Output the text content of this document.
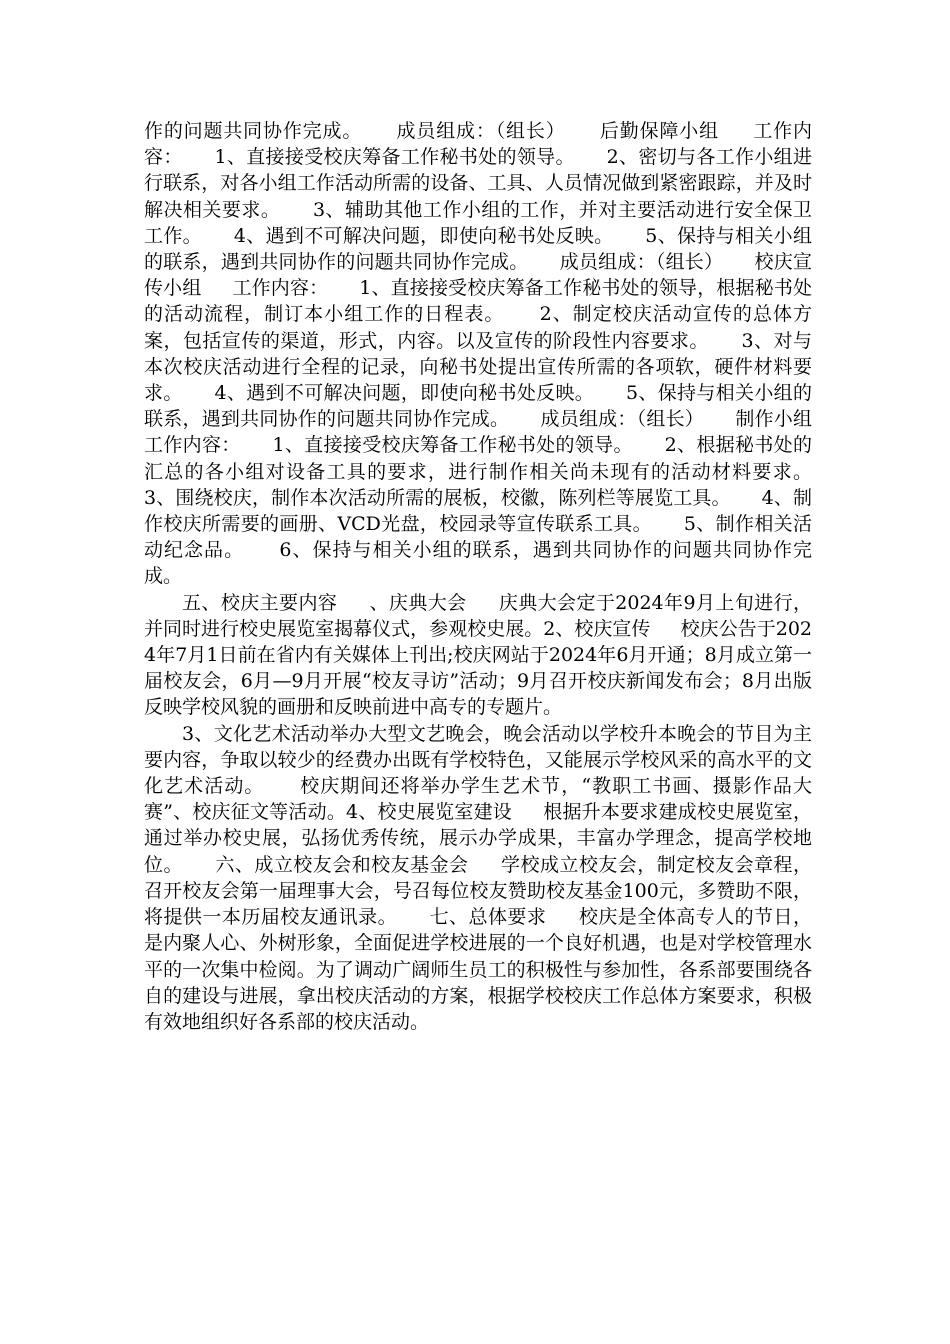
作的问题共同协作完成。     成员组成：（组长）     后勤保障小组     工作内容：     1、直接接受校庆筹备工作秘书处的领导。     2、密切与各工作小组进行联系，对各小组工作活动所需的设备、工具、人员情况做到紧密跟踪，并及时解决相关要求。     3、辅助其他工作小组的工作，并对主要活动进行安全保卫工作。     4、遇到不可解决问题，即使向秘书处反映。     5、保持与相关小组的联系，遇到共同协作的问题共同协作完成。     成员组成：（组长）     校庆宣传小组     工作内容：     1、直接接受校庆筹备工作秘书处的领导，根据秘书处的活动流程，制订本小组工作的日程表。     2、制定校庆活动宣传的总体方案，包括宣传的渠道，形式，内容。以及宣传的阶段性内容要求。     3、对与本次校庆活动进行全程的记录，向秘书处提出宣传所需的各项软，硬件材料要求。     4、遇到不可解决问题，即使向秘书处反映。     5、保持与相关小组的联系，遇到共同协作的问题共同协作完成。     成员组成：（组长）     制作小组     工作内容：     1、直接接受校庆筹备工作秘书处的领导。     2、根据秘书处的汇总的各小组对设备工具的要求，进行制作相关尚未现有的活动材料要求。     3、围绕校庆，制作本次活动所需的展板，校徽，陈列栏等展览工具。     4、制作校庆所需要的画册、VCD光盘，校园录等宣传联系工具。     5、制作相关活动纪念品。     6、保持与相关小组的联系，遇到共同协作的问题共同协作完成。

五、校庆主要内容     、庆典大会     庆典大会定于2024年9月上旬进行，并同时进行校史展览室揭幕仪式，参观校史展。2、校庆宣传     校庆公告于2024年7月1日前在省内有关媒体上刊出;校庆网站于2024年6月开通；8月成立第一届校友会，6月—9月开展“校友寻访”活动；9月召开校庆新闻发布会；8月出版反映学校风貌的画册和反映前进中高专的专题片。

3、文化艺术活动举办大型文艺晚会，晚会活动以学校升本晚会的节目为主要内容，争取以较少的经费办出既有学校特色，又能展示学校风采的高水平的文化艺术活动。     校庆期间还将举办学生艺术节，“教职工书画、摄影作品大赛”、校庆征文等活动。4、校史展览室建设     根据升本要求建成校史展览室，通过举办校史展，弘扬优秀传统，展示办学成果，丰富办学理念，提高学校地位。     六、成立校友会和校友基金会     学校成立校友会，制定校友会章程，召开校友会第一届理事大会，号召每位校友赞助校友基金100元，多赞助不限，将提供一本历届校友通讯录。     七、总体要求     校庆是全体高专人的节日，是内聚人心、外树形象，全面促进学校进展的一个良好机遇，也是对学校管理水平的一次集中检阅。为了调动广阔师生员工的积极性与参加性，各系部要围绕各自的建设与进展，拿出校庆活动的方案，根据学校校庆工作总体方案要求，积极有效地组织好各系部的校庆活动。
